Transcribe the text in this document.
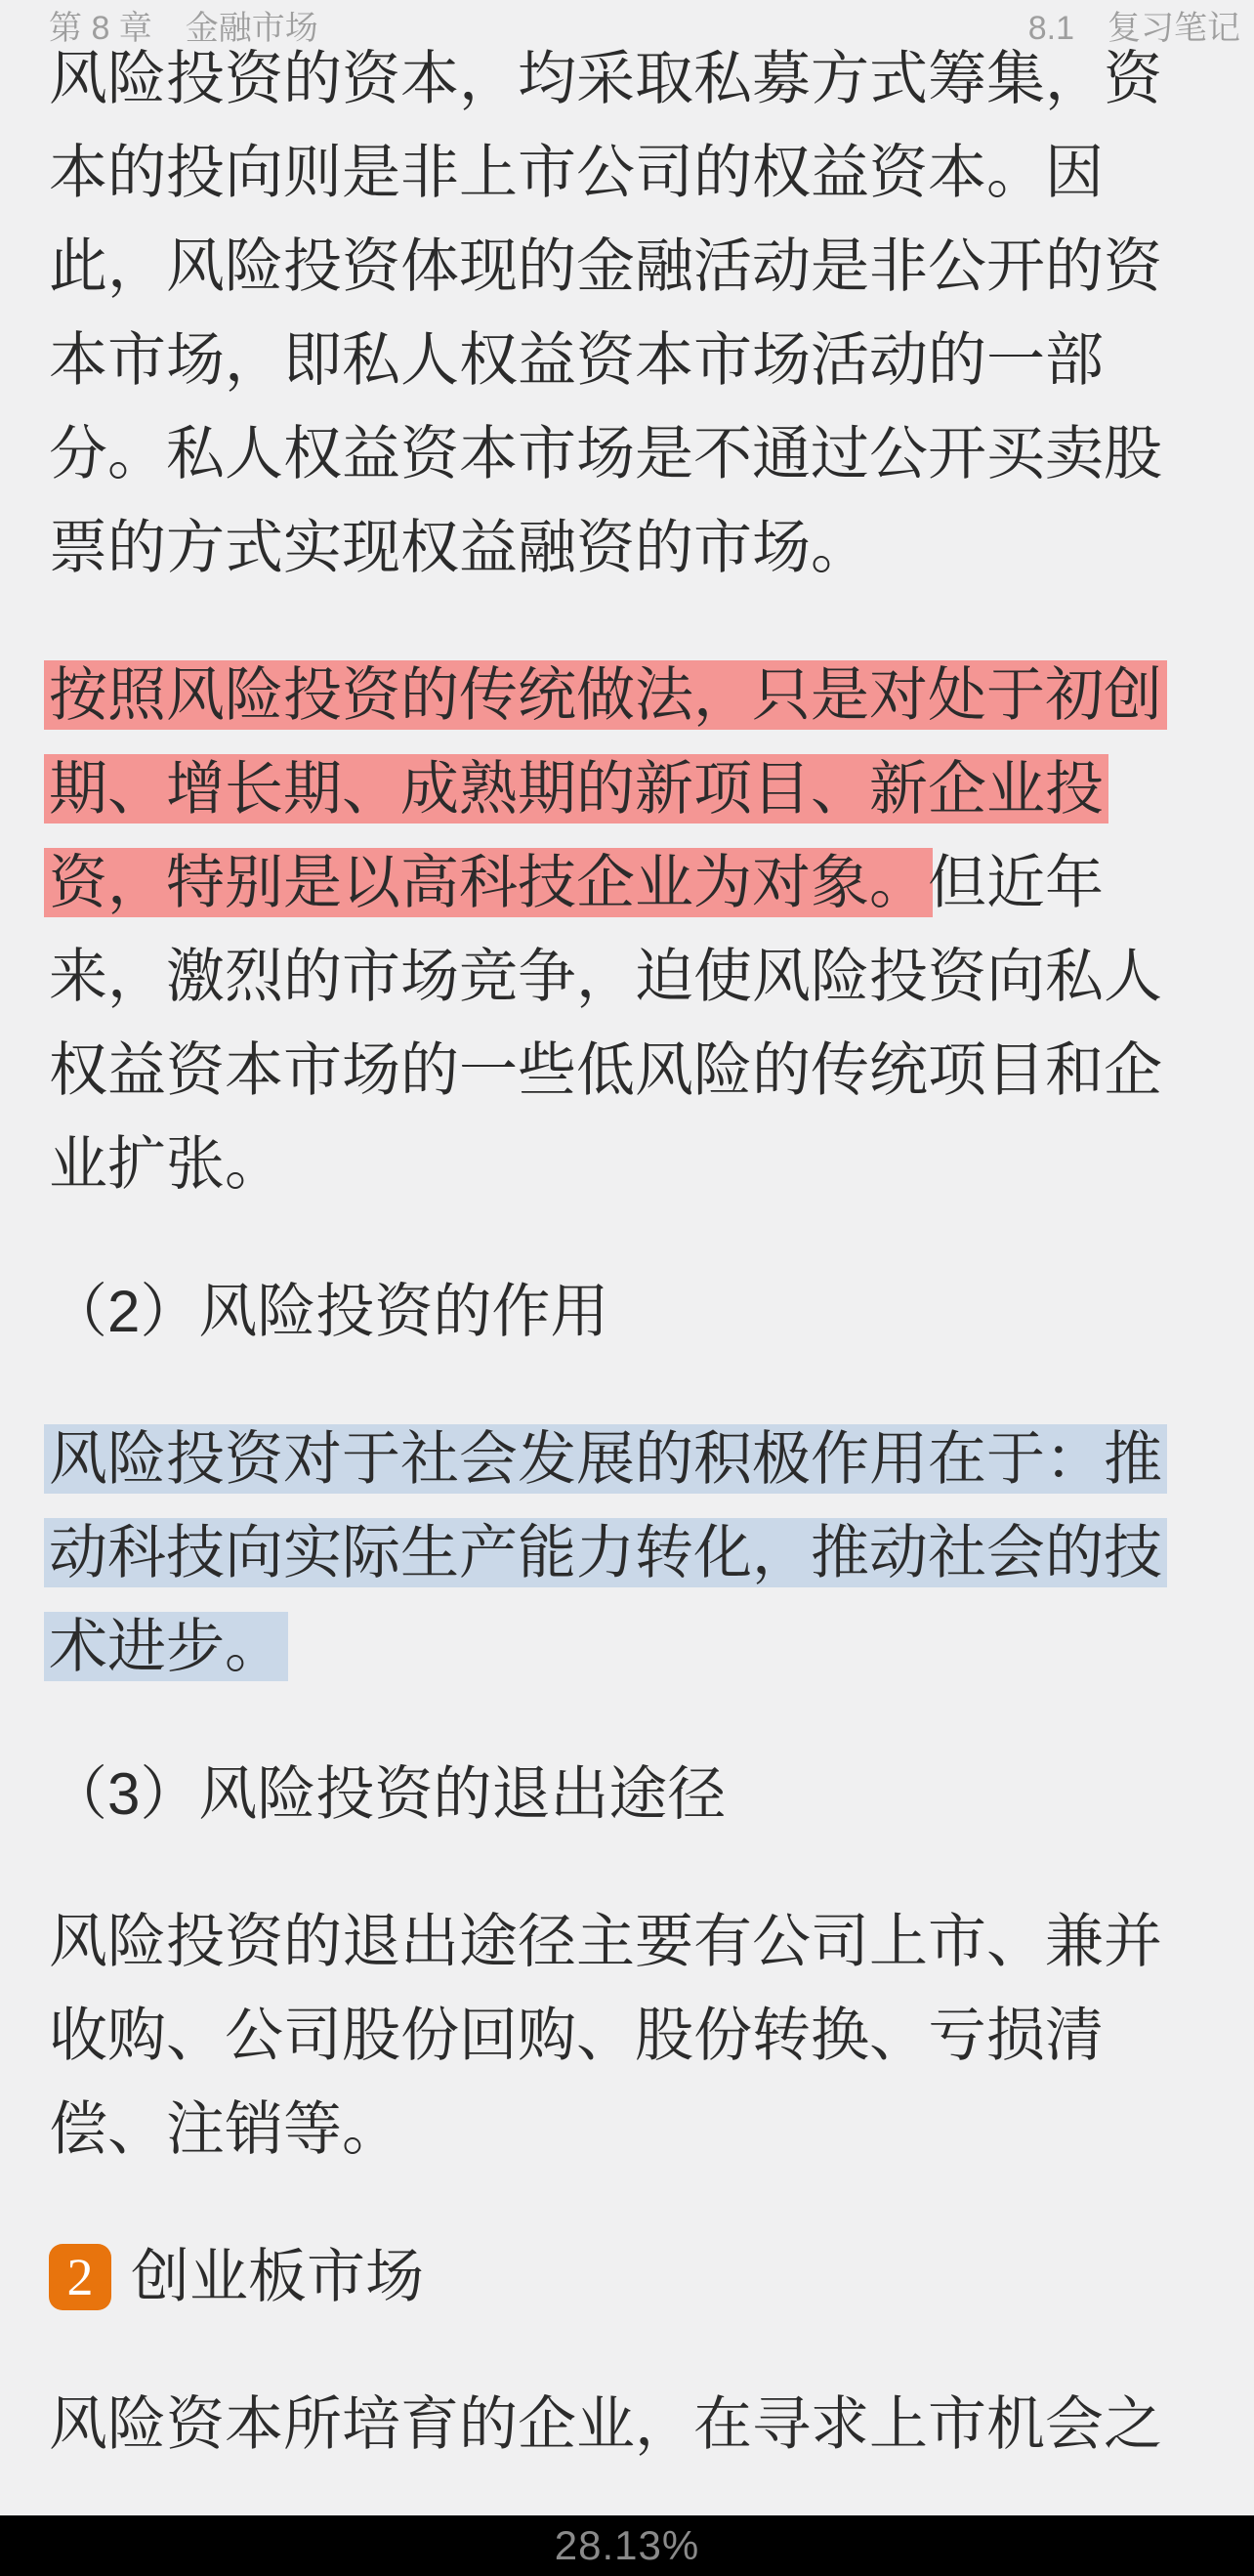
第 8 章　金融市场	8.1　复习笔记
风险投资的资本，均采取私募方式筹集，资
本的投向则是非上市公司的权益资本。因
此，风险投资体现的金融活动是非公开的资
本市场，即私人权益资本市场活动的一部
分。私人权益资本市场是不通过公开买卖股
票的方式实现权益融资的市场。
按照风险投资的传统做法，只是对处于初创
期、增长期、成熟期的新项目、新企业投
资，特别是以高科技企业为对象。但近年
来，激烈的市场竞争，迫使风险投资向私人
权益资本市场的一些低风险的传统项目和企
业扩张。
（2）风险投资的作用
风险投资对于社会发展的积极作用在于：推
动科技向实际生产能力转化，推动社会的技
术进步。
（3）风险投资的退出途径
风险投资的退出途径主要有公司上市、兼并
收购、公司股份回购、股份转换、亏损清
偿、注销等。
2 创业板市场
风险资本所培育的企业，在寻求上市机会之
28.13%
